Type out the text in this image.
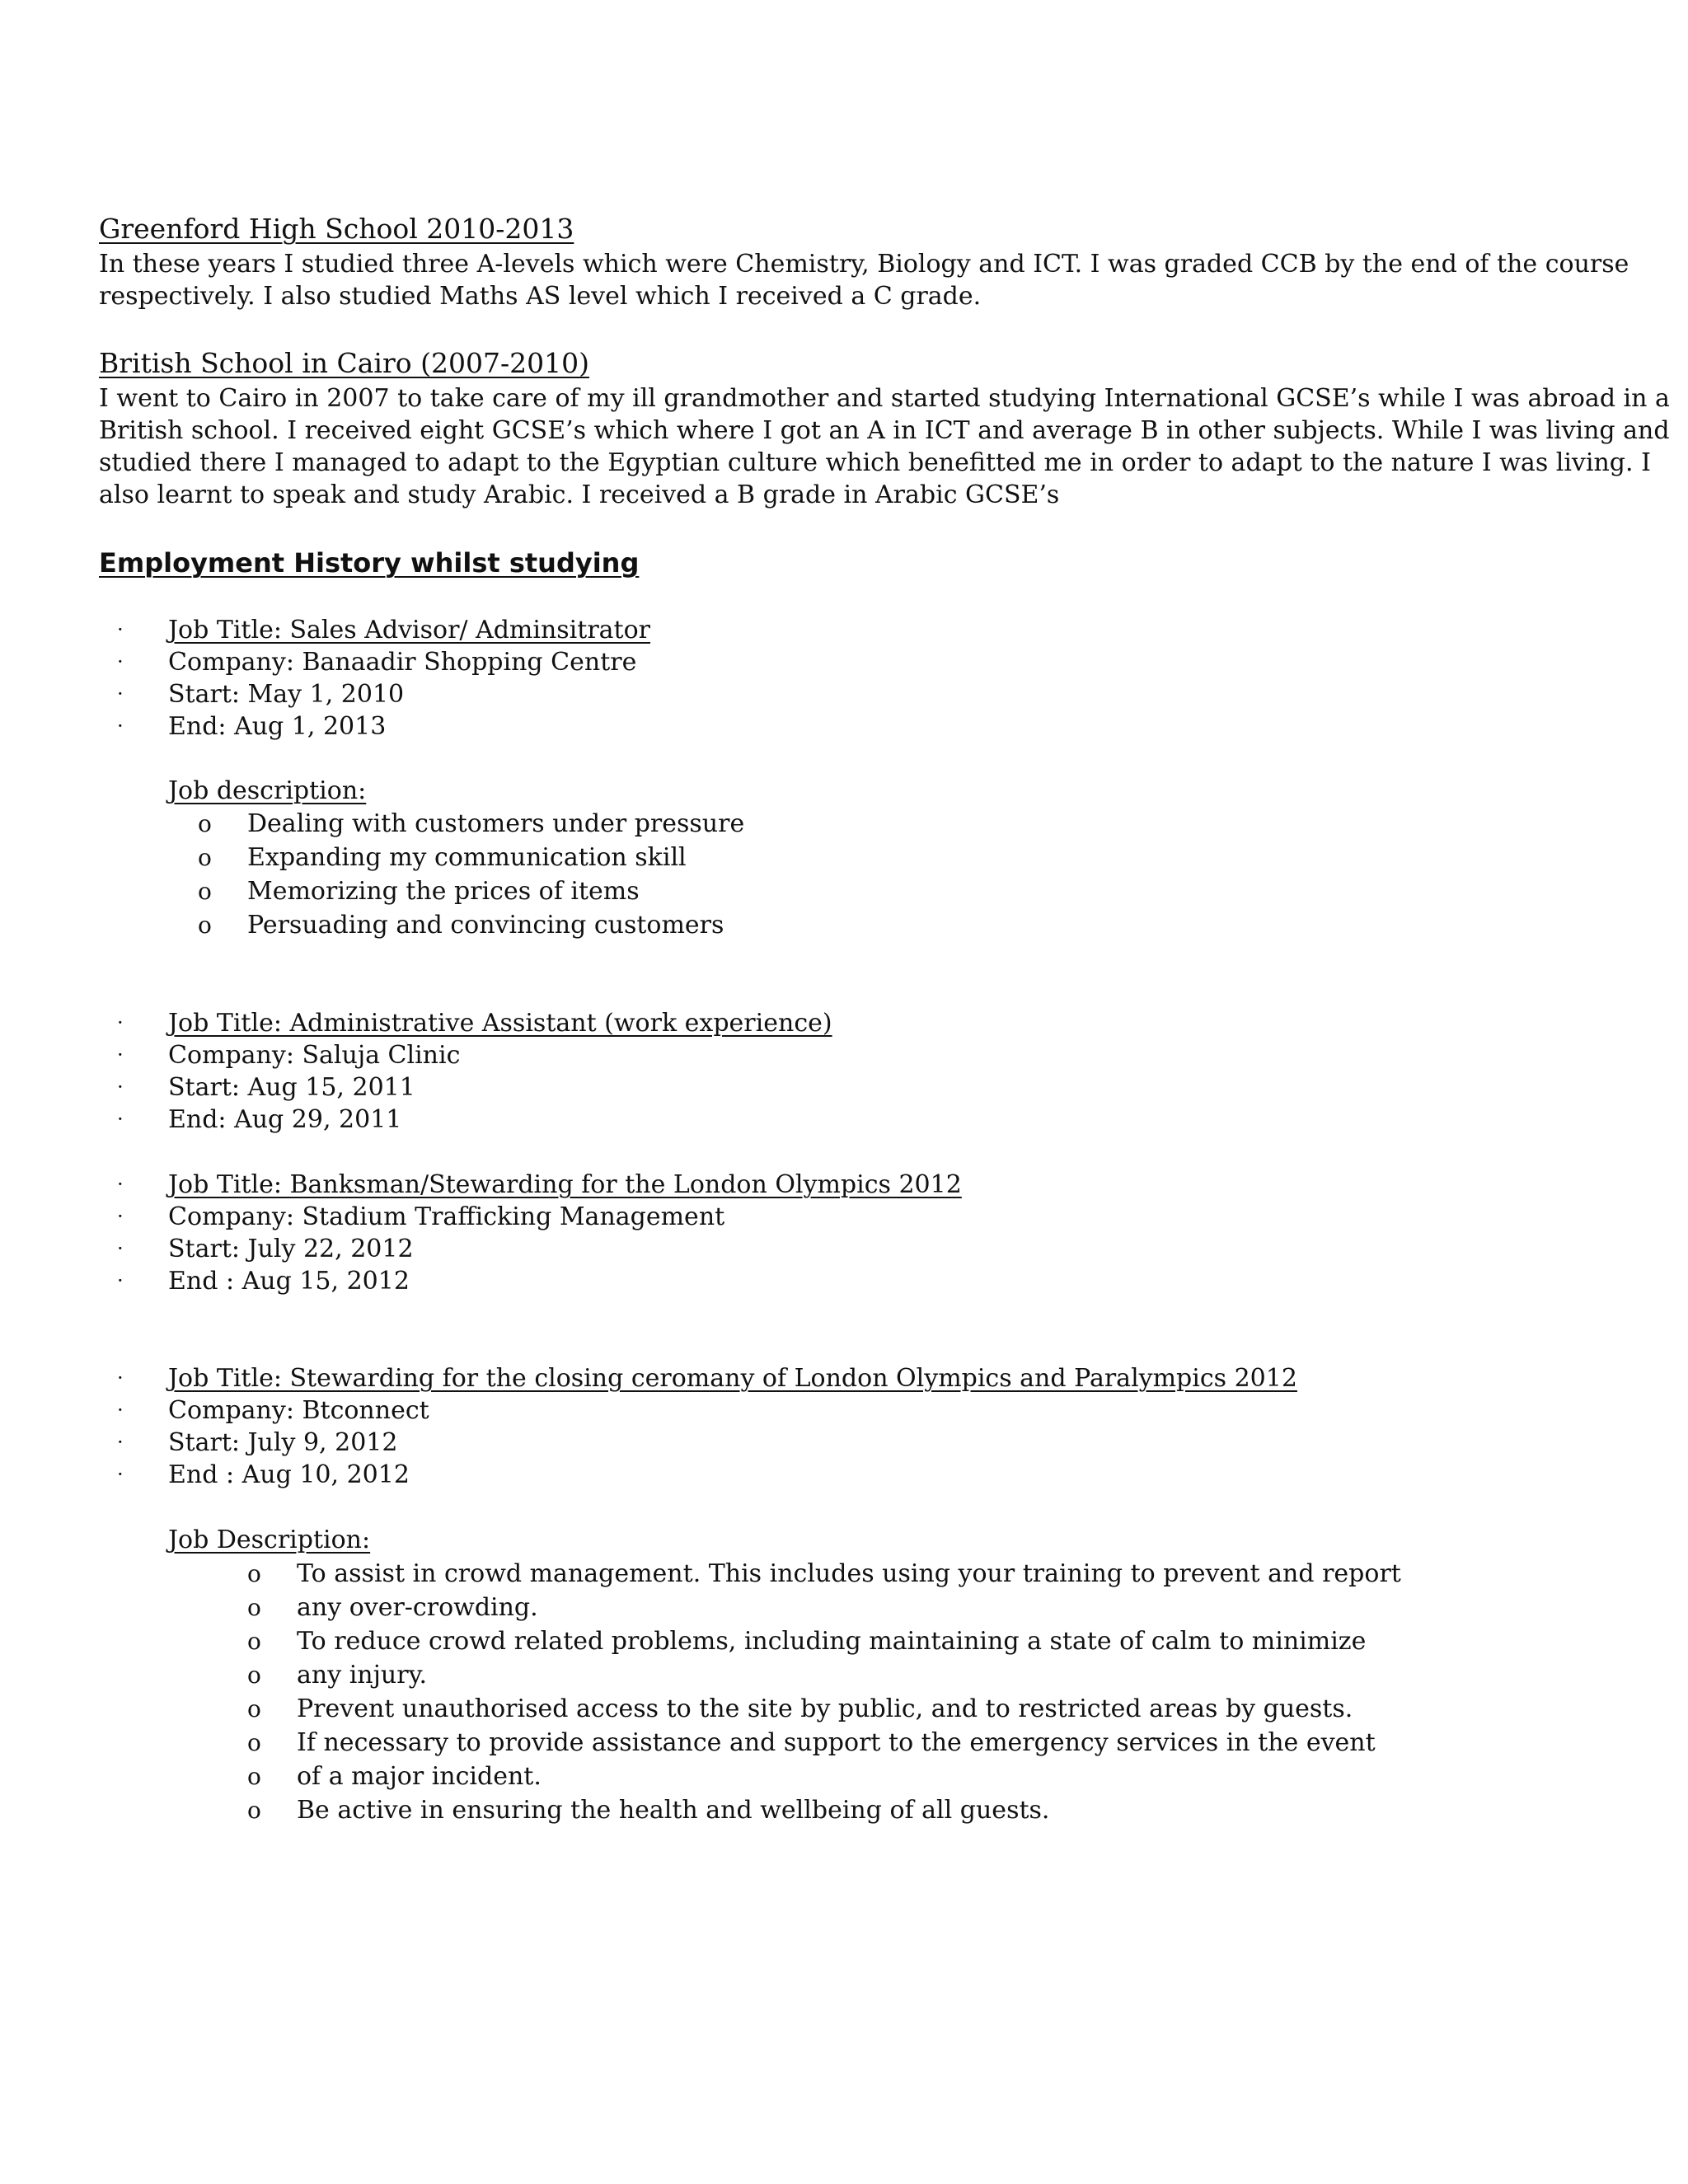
Greenford High School 2010-2013
In these years I studied three A-levels which were Chemistry, Biology and ICT. I was graded CCB by the end of the course
respectively. I also studied Maths AS level which I received a C grade.
British School in Cairo (2007-2010)
I went to Cairo in 2007 to take care of my ill grandmother and started studying International GCSE’s while I was abroad in a
British school. I received eight GCSE’s which where I got an A in ICT and average B in other subjects. While I was living and
studied there I managed to adapt to the Egyptian culture which benefitted me in order to adapt to the nature I was living. I
also learnt to speak and study Arabic. I received a B grade in Arabic GCSE’s
Employment History whilst studying
· Job Title: Sales Advisor/ Adminsitrator
· Company: Banaadir Shopping Centre
· Start: May 1, 2010
· End: Aug 1, 2013
Job description:
o Dealing with customers under pressure
o Expanding my communication skill
o Memorizing the prices of items
o Persuading and convincing customers
· Job Title: Administrative Assistant (work experience)
· Company: Saluja Clinic
· Start: Aug 15, 2011
· End: Aug 29, 2011
· Job Title: Banksman/Stewarding for the London Olympics 2012
· Company: Stadium Trafficking Management
· Start: July 22, 2012
· End : Aug 15, 2012
· Job Title: Stewarding for the closing ceromany of London Olympics and Paralympics 2012
· Company: Btconnect
· Start: July 9, 2012
· End : Aug 10, 2012
Job Description:
o To assist in crowd management. This includes using your training to prevent and report
o any over-crowding.
o To reduce crowd related problems, including maintaining a state of calm to minimize
o any injury.
o Prevent unauthorised access to the site by public, and to restricted areas by guests.
o If necessary to provide assistance and support to the emergency services in the event
o of a major incident.
o Be active in ensuring the health and wellbeing of all guests.
